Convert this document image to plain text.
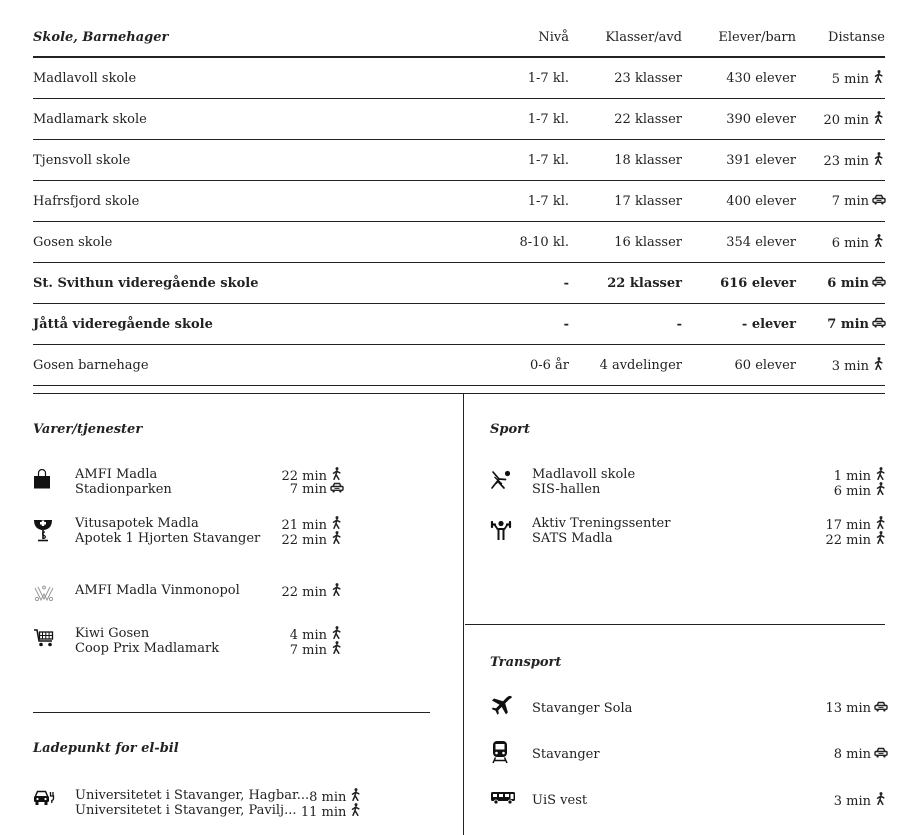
Skole, Barnehager	Nivå	Klasser/avd	Elever/barn	Distanse
Madlavoll skole	1-7 kl.	23 klasser	430 elever	5 min
Madlamark skole	1-7 kl.	22 klasser	390 elever	20 min
Tjensvoll skole	1-7 kl.	18 klasser	391 elever	23 min
Hafrsfjord skole	1-7 kl.	17 klasser	400 elever	7 min
Gosen skole	8-10 kl.	16 klasser	354 elever	6 min
St. Svithun videregående skole	-	22 klasser	616 elever	6 min
Jåttå videregående skole	-	-	- elever	7 min
Gosen barnehage	0-6 år	4 avdelinger	60 elever	3 min
Varer/tjenester
AMFI Madla	22 min
Stadionparken	7 min
Vitusapotek Madla	21 min
Apotek 1 Hjorten Stavanger	22 min
AMFI Madla Vinmonopol	22 min
Kiwi Gosen	4 min
Coop Prix Madlamark	7 min
Ladepunkt for el-bil
Universitetet i Stavanger, Hagbar... 8 min
Universitetet i Stavanger, Pavilj... 11 min
Sport
Madlavoll skole	1 min
SIS-hallen	6 min
Aktiv Treningssenter	17 min
SATS Madla	22 min
Transport
Stavanger Sola	13 min
Stavanger	8 min
UiS vest	3 min
